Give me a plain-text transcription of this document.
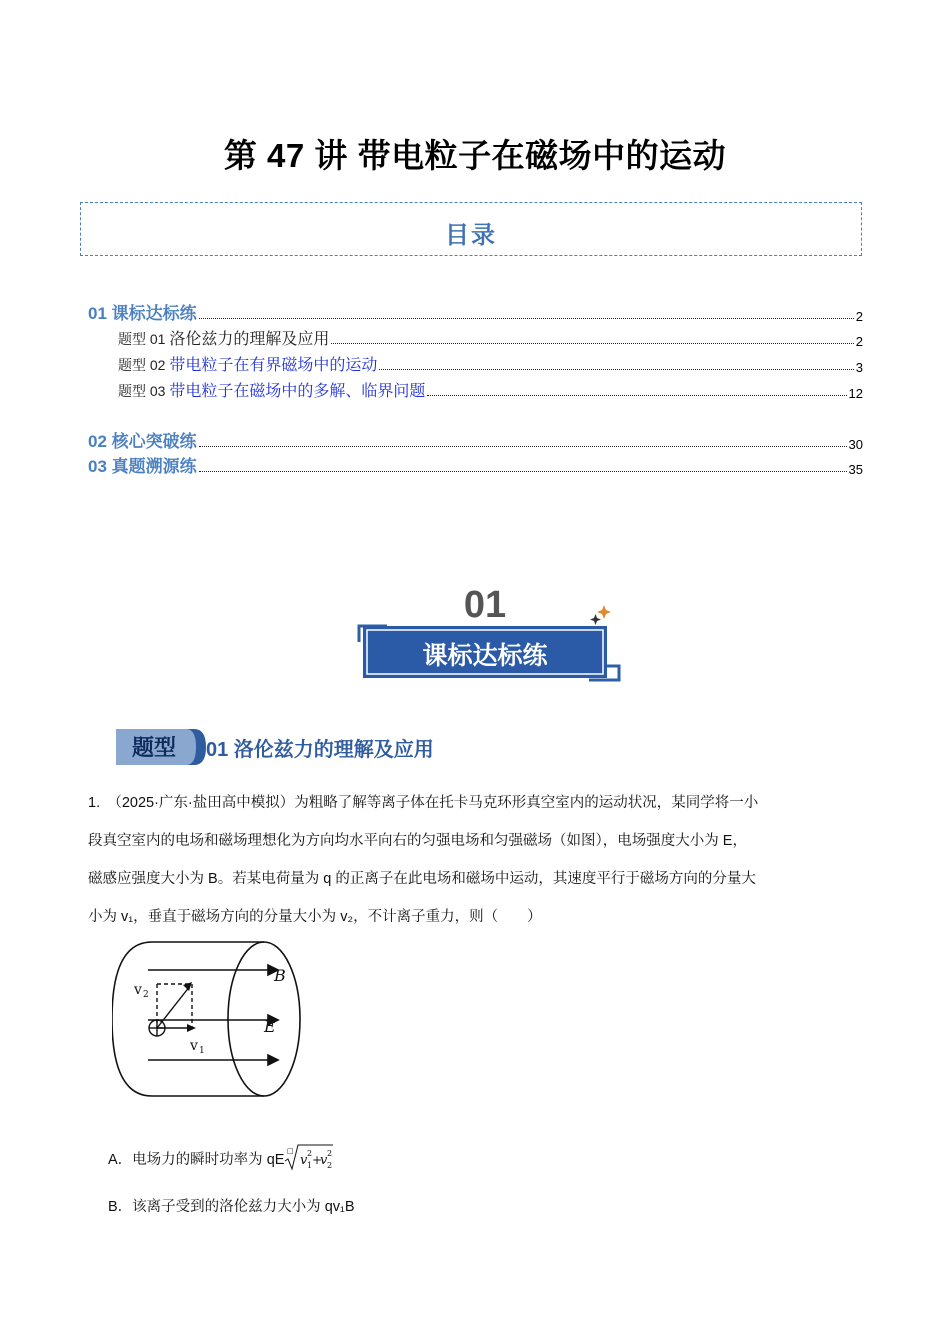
第 47 讲 带电粒子在磁场中的运动
目录
01 课标达标练	2
题型 01 洛伦兹力的理解及应用	2
题型 02 带电粒子在有界磁场中的运动	3
题型 03 带电粒子在磁场中的多解、临界问题	12
02 核心突破练	30
03 真题溯源练	35
01
课标达标练
题型 01 洛伦兹力的理解及应用
1.　（2025·广东·盐田高中模拟）为粗略了解等离子体在托卡马克环形真空室内的运动状况，某同学将一小
段真空室内的电场和磁场理想化为方向均水平向右的匀强电场和匀强磁场（如图），电场强度大小为 E，
磁感应强度大小为 B。若某电荷量为 q 的正离子在此电场和磁场中运动，其速度平行于磁场方向的分量大
小为 v₁，垂直于磁场方向的分量大小为 v₂，不计离子重力，则（　　）
B
E
v 2
v 1
A．电场力的瞬时功率为 qE
□
v 2
1 +
v 2
2
B．该离子受到的洛伦兹力大小为 qv₁B
